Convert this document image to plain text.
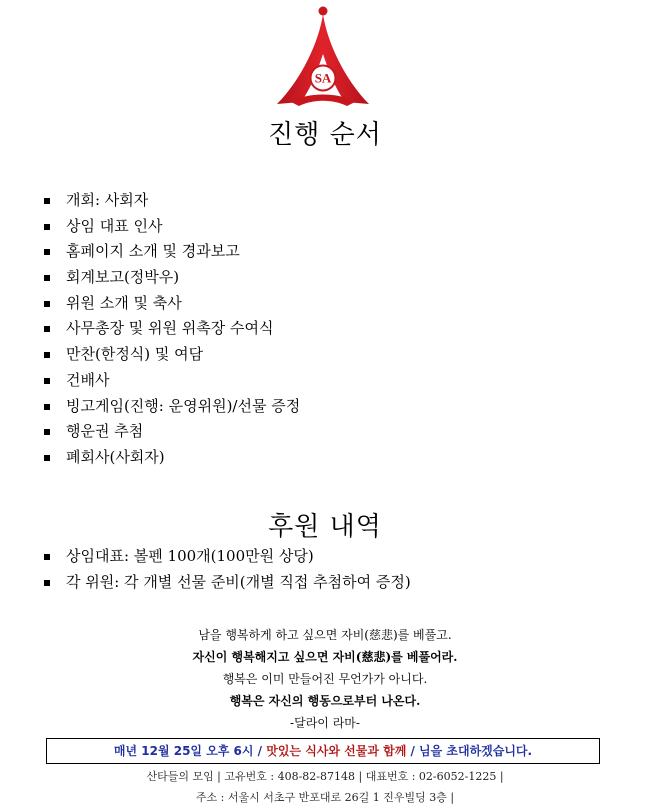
SA
진행 순서
개회: 사회자
상임 대표 인사
홈페이지 소개 및 경과보고
회계보고(정박우)
위원 소개 및 축사
사무총장 및 위원 위촉장 수여식
만찬(한정식) 및 여담
건배사
빙고게임(진행: 운영위원)/선물 증정
행운권 추첨
폐회사(사회자)
후원 내역
상임대표: 볼펜 100개(100만원 상당)
각 위원: 각 개별 선물 준비(개별 직접 추첨하여 증정)
남을 행복하게 하고 싶으면 자비(慈悲)를 베풀고.
자신이 행복해지고 싶으면 자비(慈悲)를 베풀어라.
행복은 이미 만들어진 무언가가 아니다.
행복은 자신의 행동으로부터 나온다.
-달라이 라마-
매년 12월 25일 오후 6시 / 맛있는 식사와 선물과 함께 / 님을 초대하겠습니다.
산타들의 모임 | 고유번호 : 408-82-87148 | 대표번호 : 02-6052-1225 |
주소 : 서울시 서초구 반포대로 26길 1 진우빌딩 3층 |
